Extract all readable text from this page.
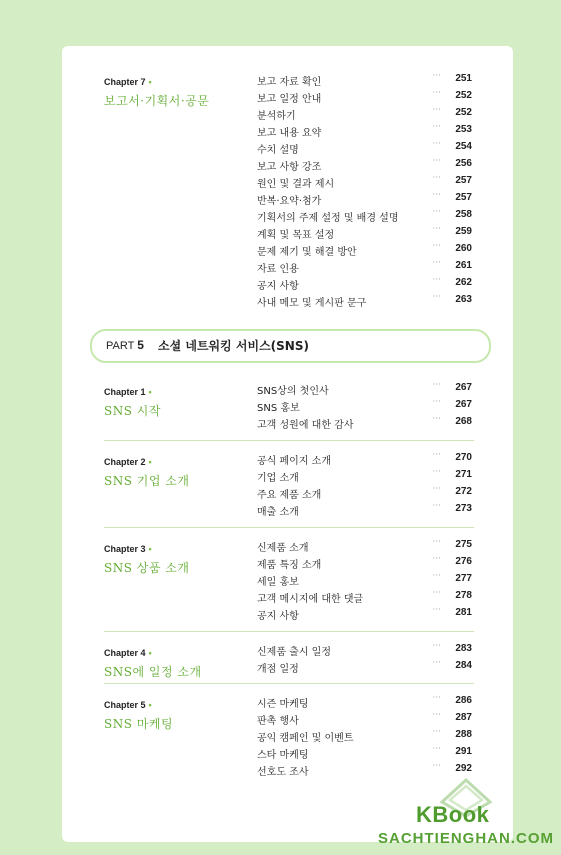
Chapter 7 •
보고서·기획서·공문
보고 자료 확인
··· 251
보고 일정 안내
··· 252
분석하기
··· 252
보고 내용 요약
··· 253
수치 설명
··· 254
보고 사항 강조
··· 256
원인 및 결과 제시
··· 257
반복·요약·첨가
··· 257
기획서의 주제 설정 및 배경 설명
··· 258
계획 및 목표 설정
··· 259
문제 제기 및 해결 방안
··· 260
자료 인용
··· 261
공지 사항
··· 262
사내 메모 및 게시판 문구
··· 263
PART 5 소셜 네트워킹 서비스(SNS)
Chapter 1 •
SNS 시작
SNS상의 첫인사
··· 267
SNS 홍보
··· 267
고객 성원에 대한 감사
··· 268
Chapter 2 •
SNS 기업 소개
공식 페이지 소개
··· 270
기업 소개
··· 271
주요 제품 소개
··· 272
매출 소개
··· 273
Chapter 3 •
SNS 상품 소개
신제품 소개
··· 275
제품 특징 소개
··· 276
세일 홍보
··· 277
고객 메시지에 대한 댓글
··· 278
공지 사항
··· 281
Chapter 4 •
SNS에 일정 소개
신제품 출시 일정
··· 283
개점 일정
··· 284
Chapter 5 •
SNS 마케팅
시즌 마케팅
··· 286
판촉 행사
··· 287
공익 캠페인 및 이벤트
··· 288
스타 마케팅
··· 291
선호도 조사
··· 292
KBook
SACHTIENGHAN.COM
